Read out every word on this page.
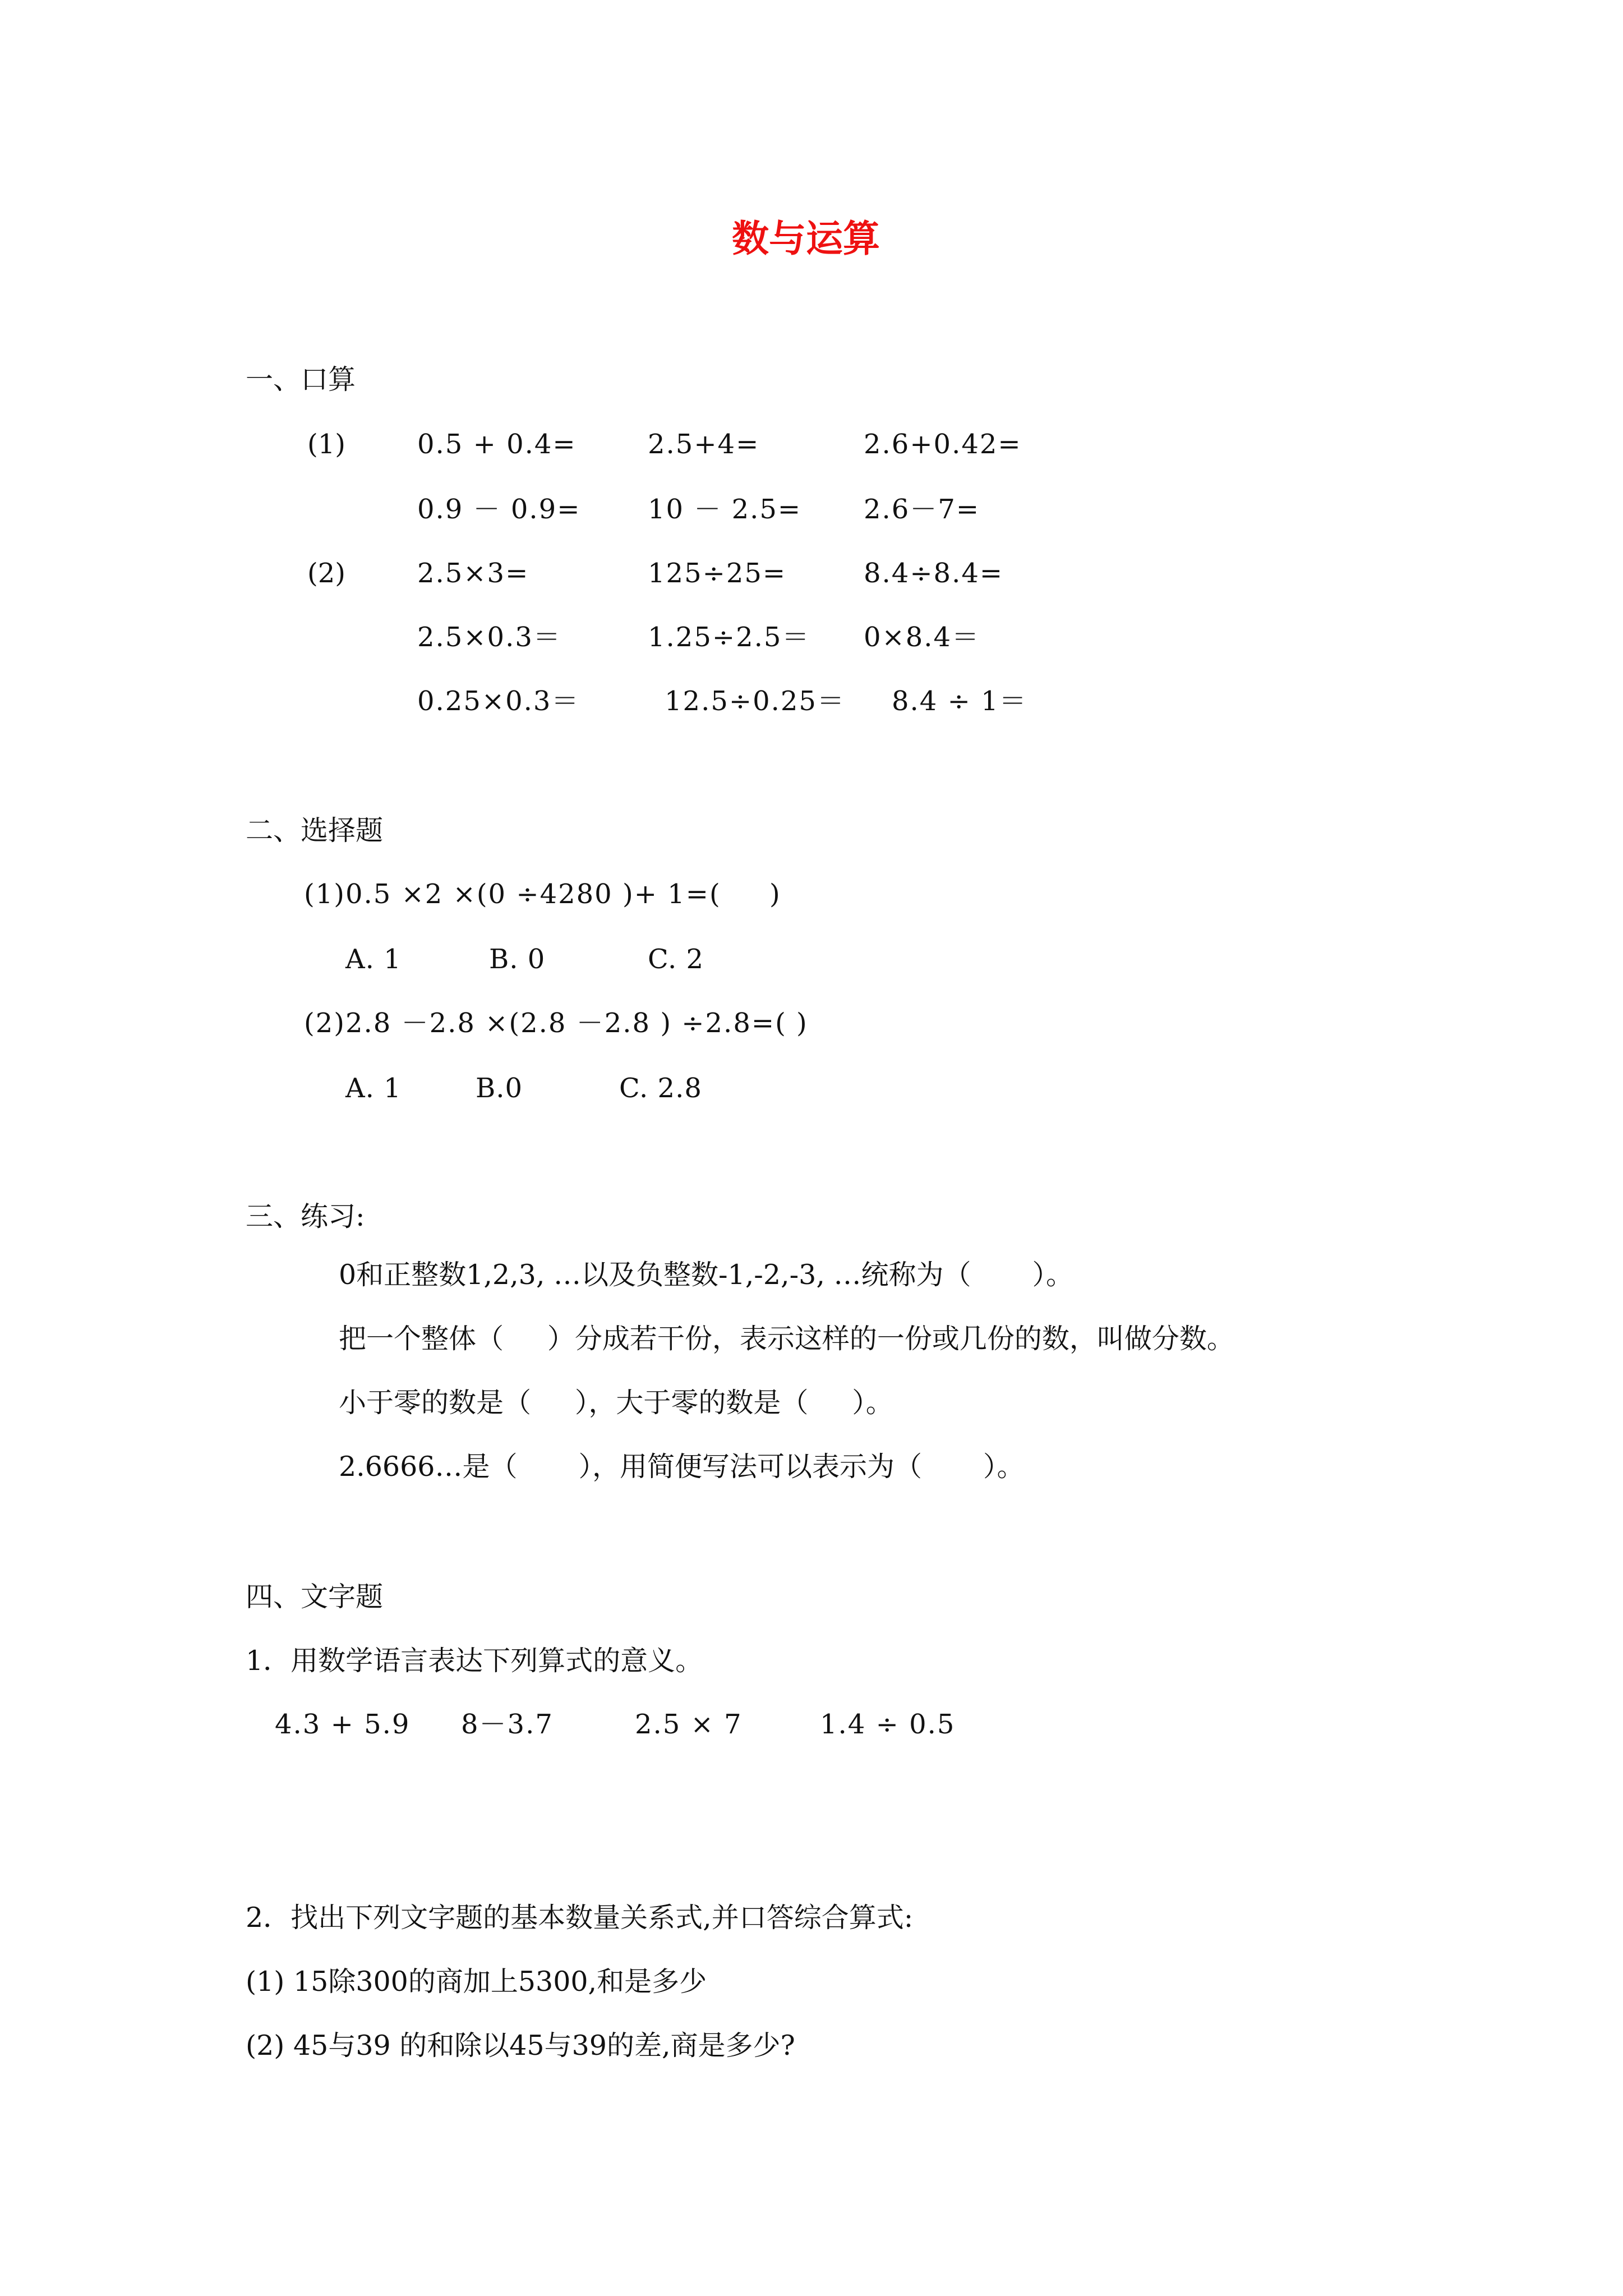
数与运算
一、口算
(1)
(2)
0.5 + 0.4=	2.5+4=	2.6+0.42=
0.9 － 0.9= 10 － 2.5= 2.6－7=
2.5×3=	125÷25=	8.4÷8.4=
2.5×0.3＝	1.25÷2.5＝ 0×8.4＝
0.25×0.3＝	12.5÷0.25＝ 8.4 ÷ 1＝
二、选择题
(1)0.5 ×2 ×(0 ÷4280 )+ 1=(     )
A. 1	B. 0	C. 2
(2)2.8 －2.8 ×(2.8 －2.8 ) ÷2.8=( )
A. 1	B.0	C. 2.8
三、练习:
0和正整数1,2,3, …以及负整数-1,-2,-3, …统称为（       ）。
把一个整体（     ）分成若干份，表示这样的一份或几份的数，叫做分数。
小于零的数是（     ），大于零的数是（     ）。
2.6666…是（       ），用简便写法可以表示为（       ）。
四、文字题
1．用数学语言表达下列算式的意义。
4.3 + 5.9 8－3.7	2.5 × 7	1.4 ÷ 0.5
2．找出下列文字题的基本数量关系式,并口答综合算式:
(1) 15除300的商加上5300,和是多少
(2) 45与39 的和除以45与39的差,商是多少?
